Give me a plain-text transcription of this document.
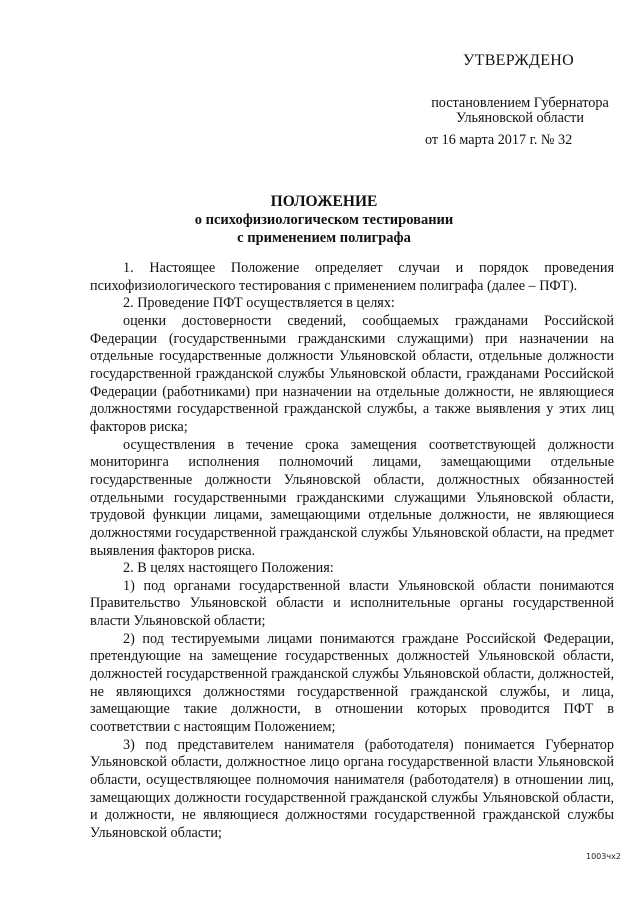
УТВЕРЖДЕНО
постановлением Губернатора
Ульяновской области
от 16 марта 2017 г. № 32
ПОЛОЖЕНИЕ
о психофизиологическом тестировании
с применением полиграфа

1. Настоящее Положение определяет случаи и порядок проведения психофизиологического тестирования с применением полиграфа (далее – ПФТ).

2. Проведение ПФТ осуществляется в целях:

оценки достоверности сведений, сообщаемых гражданами Российской Федерации (государственными гражданскими служащими) при назначении на отдельные государственные должности Ульяновской области, отдельные должности государственной гражданской службы Ульяновской области, гражданами Российской Федерации (работниками) при назначении на отдельные должности, не являющиеся должностями государственной гражданской службы, а также выявления у этих лиц факторов риска;

осуществления в течение срока замещения соответствующей должности мониторинга исполнения полномочий лицами, замещающими отдельные государственные должности Ульяновской области, должностных обязанностей отдельными государственными гражданскими служащими Ульяновской области, трудовой функции лицами, замещающими отдельные должности, не являющиеся должностями государственной гражданской службы Ульяновской области, на предмет выявления факторов риска.

2. В целях настоящего Положения:

1) под органами государственной власти Ульяновской области понимаются Правительство Ульяновской области и исполнительные органы государственной власти Ульяновской области;

2) под тестируемыми лицами понимаются граждане Российской Федерации, претендующие на замещение государственных должностей Ульяновской области, должностей государственной гражданской службы Ульяновской области, должностей, не являющихся должностями государственной гражданской службы, и лица, замещающие такие должности, в отношении которых проводится ПФТ в соответствии с настоящим Положением;

3) под представителем нанимателя (работодателя) понимается Губернатор Ульяновской области, должностное лицо органа государственной власти Ульяновской области, осуществляющее полномочия нанимателя (работодателя) в отношении лиц, замещающих должности государственной гражданской службы Ульяновской области, и должности, не являющиеся должностями государственной гражданской службы Ульяновской области;

1003чх2
